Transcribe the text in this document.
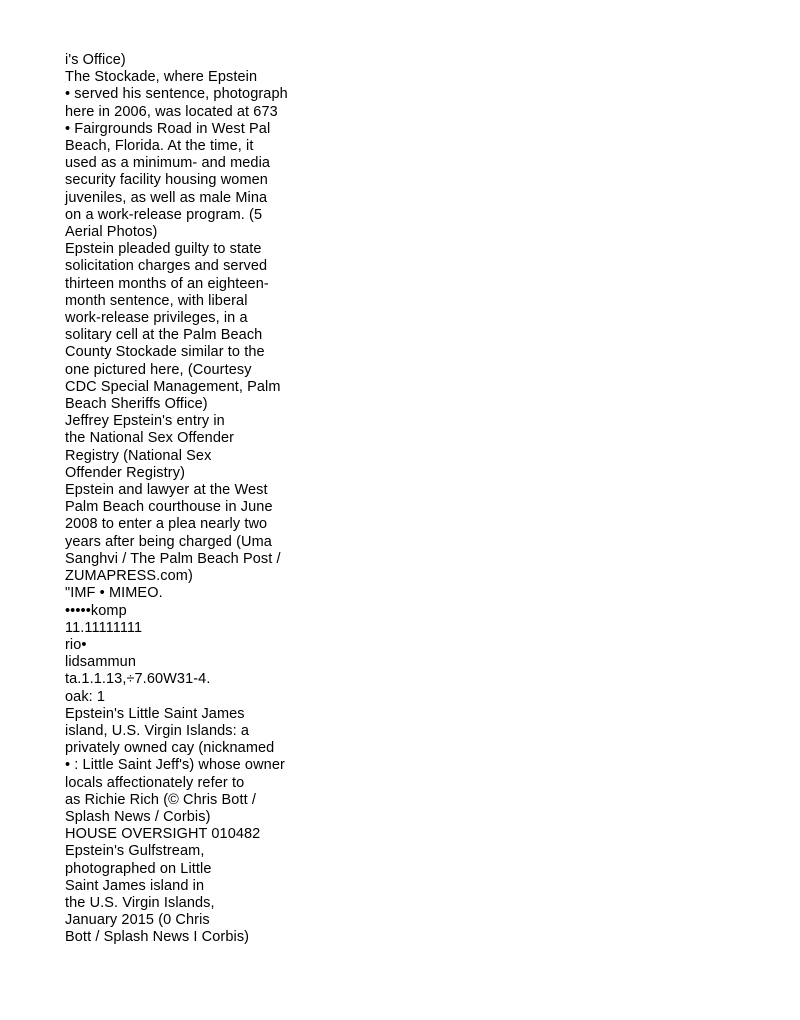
i's Office)
The Stockade, where Epstein
• served his sentence, photograph
here in 2006, was located at 673
• Fairgrounds Road in West Pal
Beach, Florida. At the time, it
used as a minimum- and media
security facility housing women
juveniles, as well as male Mina
on a work-release program. (5
Aerial Photos)
Epstein pleaded guilty to state
solicitation charges and served
thirteen months of an eighteen-
month sentence, with liberal
work-release privileges, in a
solitary cell at the Palm Beach
County Stockade similar to the
one pictured here, (Courtesy
CDC Special Management, Palm
Beach Sheriffs Office)
Jeffrey Epstein's entry in
the National Sex Offender
Registry (National Sex
Offender Registry)
Epstein and lawyer at the West
Palm Beach courthouse in June
2008 to enter a plea nearly two
years after being charged (Uma
Sanghvi / The Palm Beach Post /
ZUMAPRESS.com)
"IMF • MIMEO.
•••••komp
11.11111111
rio•
lidsammun
ta.1.1.13,÷7.60W31-4.
oak: 1
Epstein's Little Saint James
island, U.S. Virgin Islands: a
privately owned cay (nicknamed
• : Little Saint Jeff's) whose owner
locals affectionately refer to
as Richie Rich (© Chris Bott /
Splash News / Corbis)
HOUSE OVERSIGHT 010482
Epstein's Gulfstream,
photographed on Little
Saint James island in
the U.S. Virgin Islands,
January 2015 (0 Chris
Bott / Splash News I Corbis)
